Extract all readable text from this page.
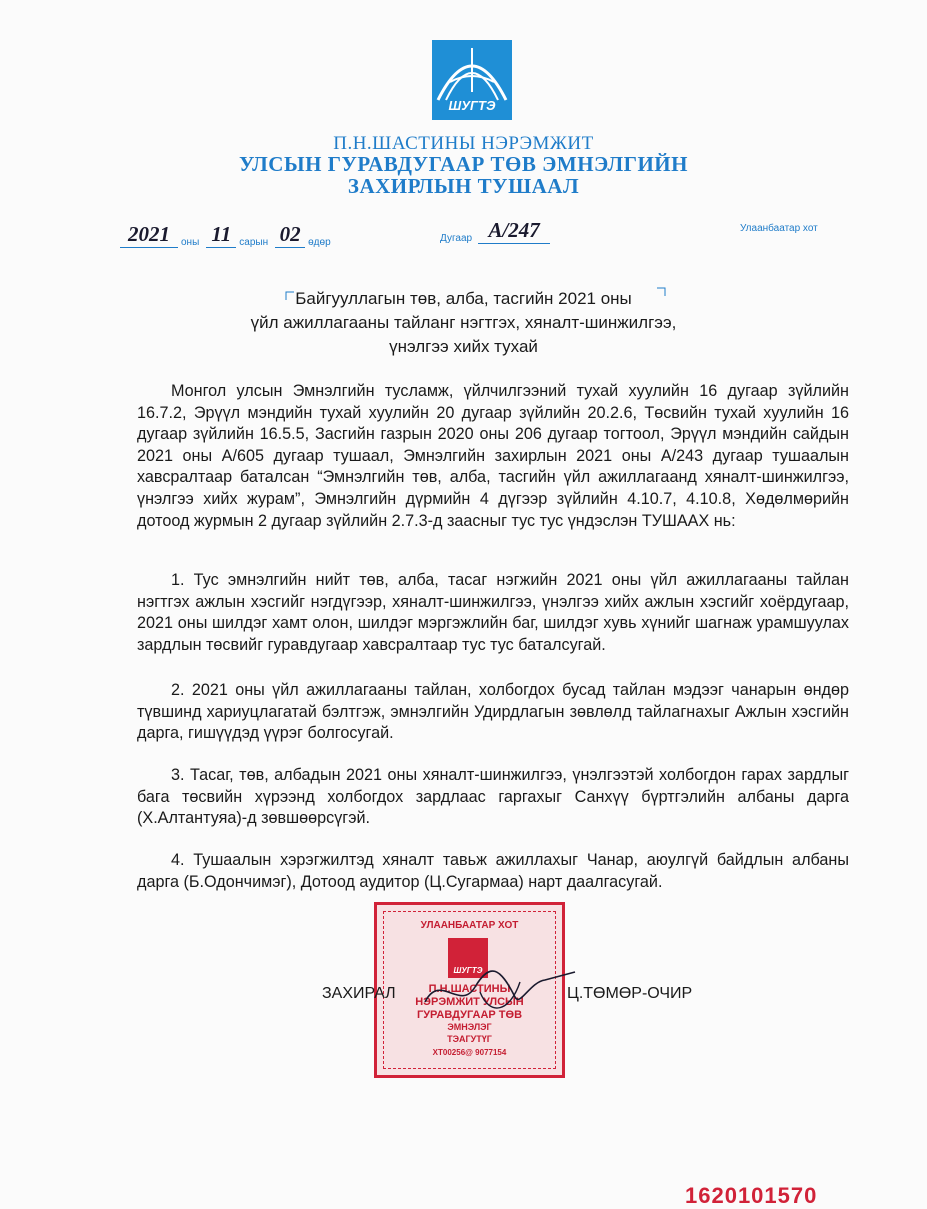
ШУГТЭ
П.Н.ШАСТИНЫ НЭРЭМЖИТ
УЛСЫН ГУРАВДУГААР ТӨВ ЭМНЭЛГИЙН
ЗАХИРЛЫН ТУШААЛ
2021	оны 11 сарын 02 өдөр	Дугаар А/247	Улаанбаатар хот
Байгууллагын төв, алба, тасгийн 2021 оны
үйл ажиллагааны тайланг нэгтгэх, хяналт-шинжилгээ,
үнэлгээ хийх тухай
Монгол улсын Эмнэлгийн тусламж, үйлчилгээний тухай хуулийн 16 дугаар зүйлийн 16.7.2, Эрүүл мэндийн тухай хуулийн 20 дугаар зүйлийн 20.2.6, Төсвийн тухай хуулийн 16 дугаар зүйлийн 16.5.5, Засгийн газрын 2020 оны 206 дугаар тогтоол, Эрүүл мэндийн сайдын 2021 оны А/605 дугаар тушаал, Эмнэлгийн захирлын 2021 оны А/243 дугаар тушаалын хавсралтаар баталсан “Эмнэлгийн төв, алба, тасгийн үйл ажиллагаанд хяналт-шинжилгээ, үнэлгээ хийх журам”, Эмнэлгийн дүрмийн 4 дүгээр зүйлийн 4.10.7, 4.10.8, Хөдөлмөрийн дотоод журмын 2 дугаар зүйлийн 2.7.3-д заасныг тус тус үндэслэн ТУШААХ нь:
1. Тус эмнэлгийн нийт төв, алба, тасаг нэгжийн 2021 оны үйл ажиллагааны тайлан нэгтгэх ажлын хэсгийг нэгдүгээр, хяналт-шинжилгээ, үнэлгээ хийх ажлын хэсгийг хоёрдугаар, 2021 оны шилдэг хамт олон, шилдэг мэргэжлийн баг, шилдэг хувь хүнийг шагнаж урамшуулах зардлын төсвийг гуравдугаар хавсралтаар тус тус баталсугай.
2. 2021 оны үйл ажиллагааны тайлан, холбогдох бусад тайлан мэдээг чанарын өндөр түвшинд хариуцлагатай бэлтгэж, эмнэлгийн Удирдлагын зөвлөлд тайлагнахыг Ажлын хэсгийн дарга, гишүүдэд үүрэг болгосугай.
3. Тасаг, төв, албадын 2021 оны хяналт-шинжилгээ, үнэлгээтэй холбогдон гарах зардлыг бага төсвийн хүрээнд холбогдох зардлаас гаргахыг Санхүү бүртгэлийн албаны дарга (Х.Алтантуяа)-д зөвшөөрсүгэй.
4. Тушаалын хэрэгжилтэд хяналт тавьж ажиллахыг Чанар, аюулгүй байдлын албаны дарга (Б.Одончимэг), Дотоод аудитор (Ц.Сугармаа) нарт даалгасугай.
УЛААНБААТАР ХОТ
ШУГТЭ
П.Н.ШАСТИНЫ
НЭРЭМЖИТ УЛСЫН
ГУРАВДУГААР ТӨВ
ЭМНЭЛЭГ
ТЭАГУТҮГ
ХТ00256@ 9077154
ЗАХИРАЛ	Ц.ТӨМӨР-ОЧИР
1620101570
